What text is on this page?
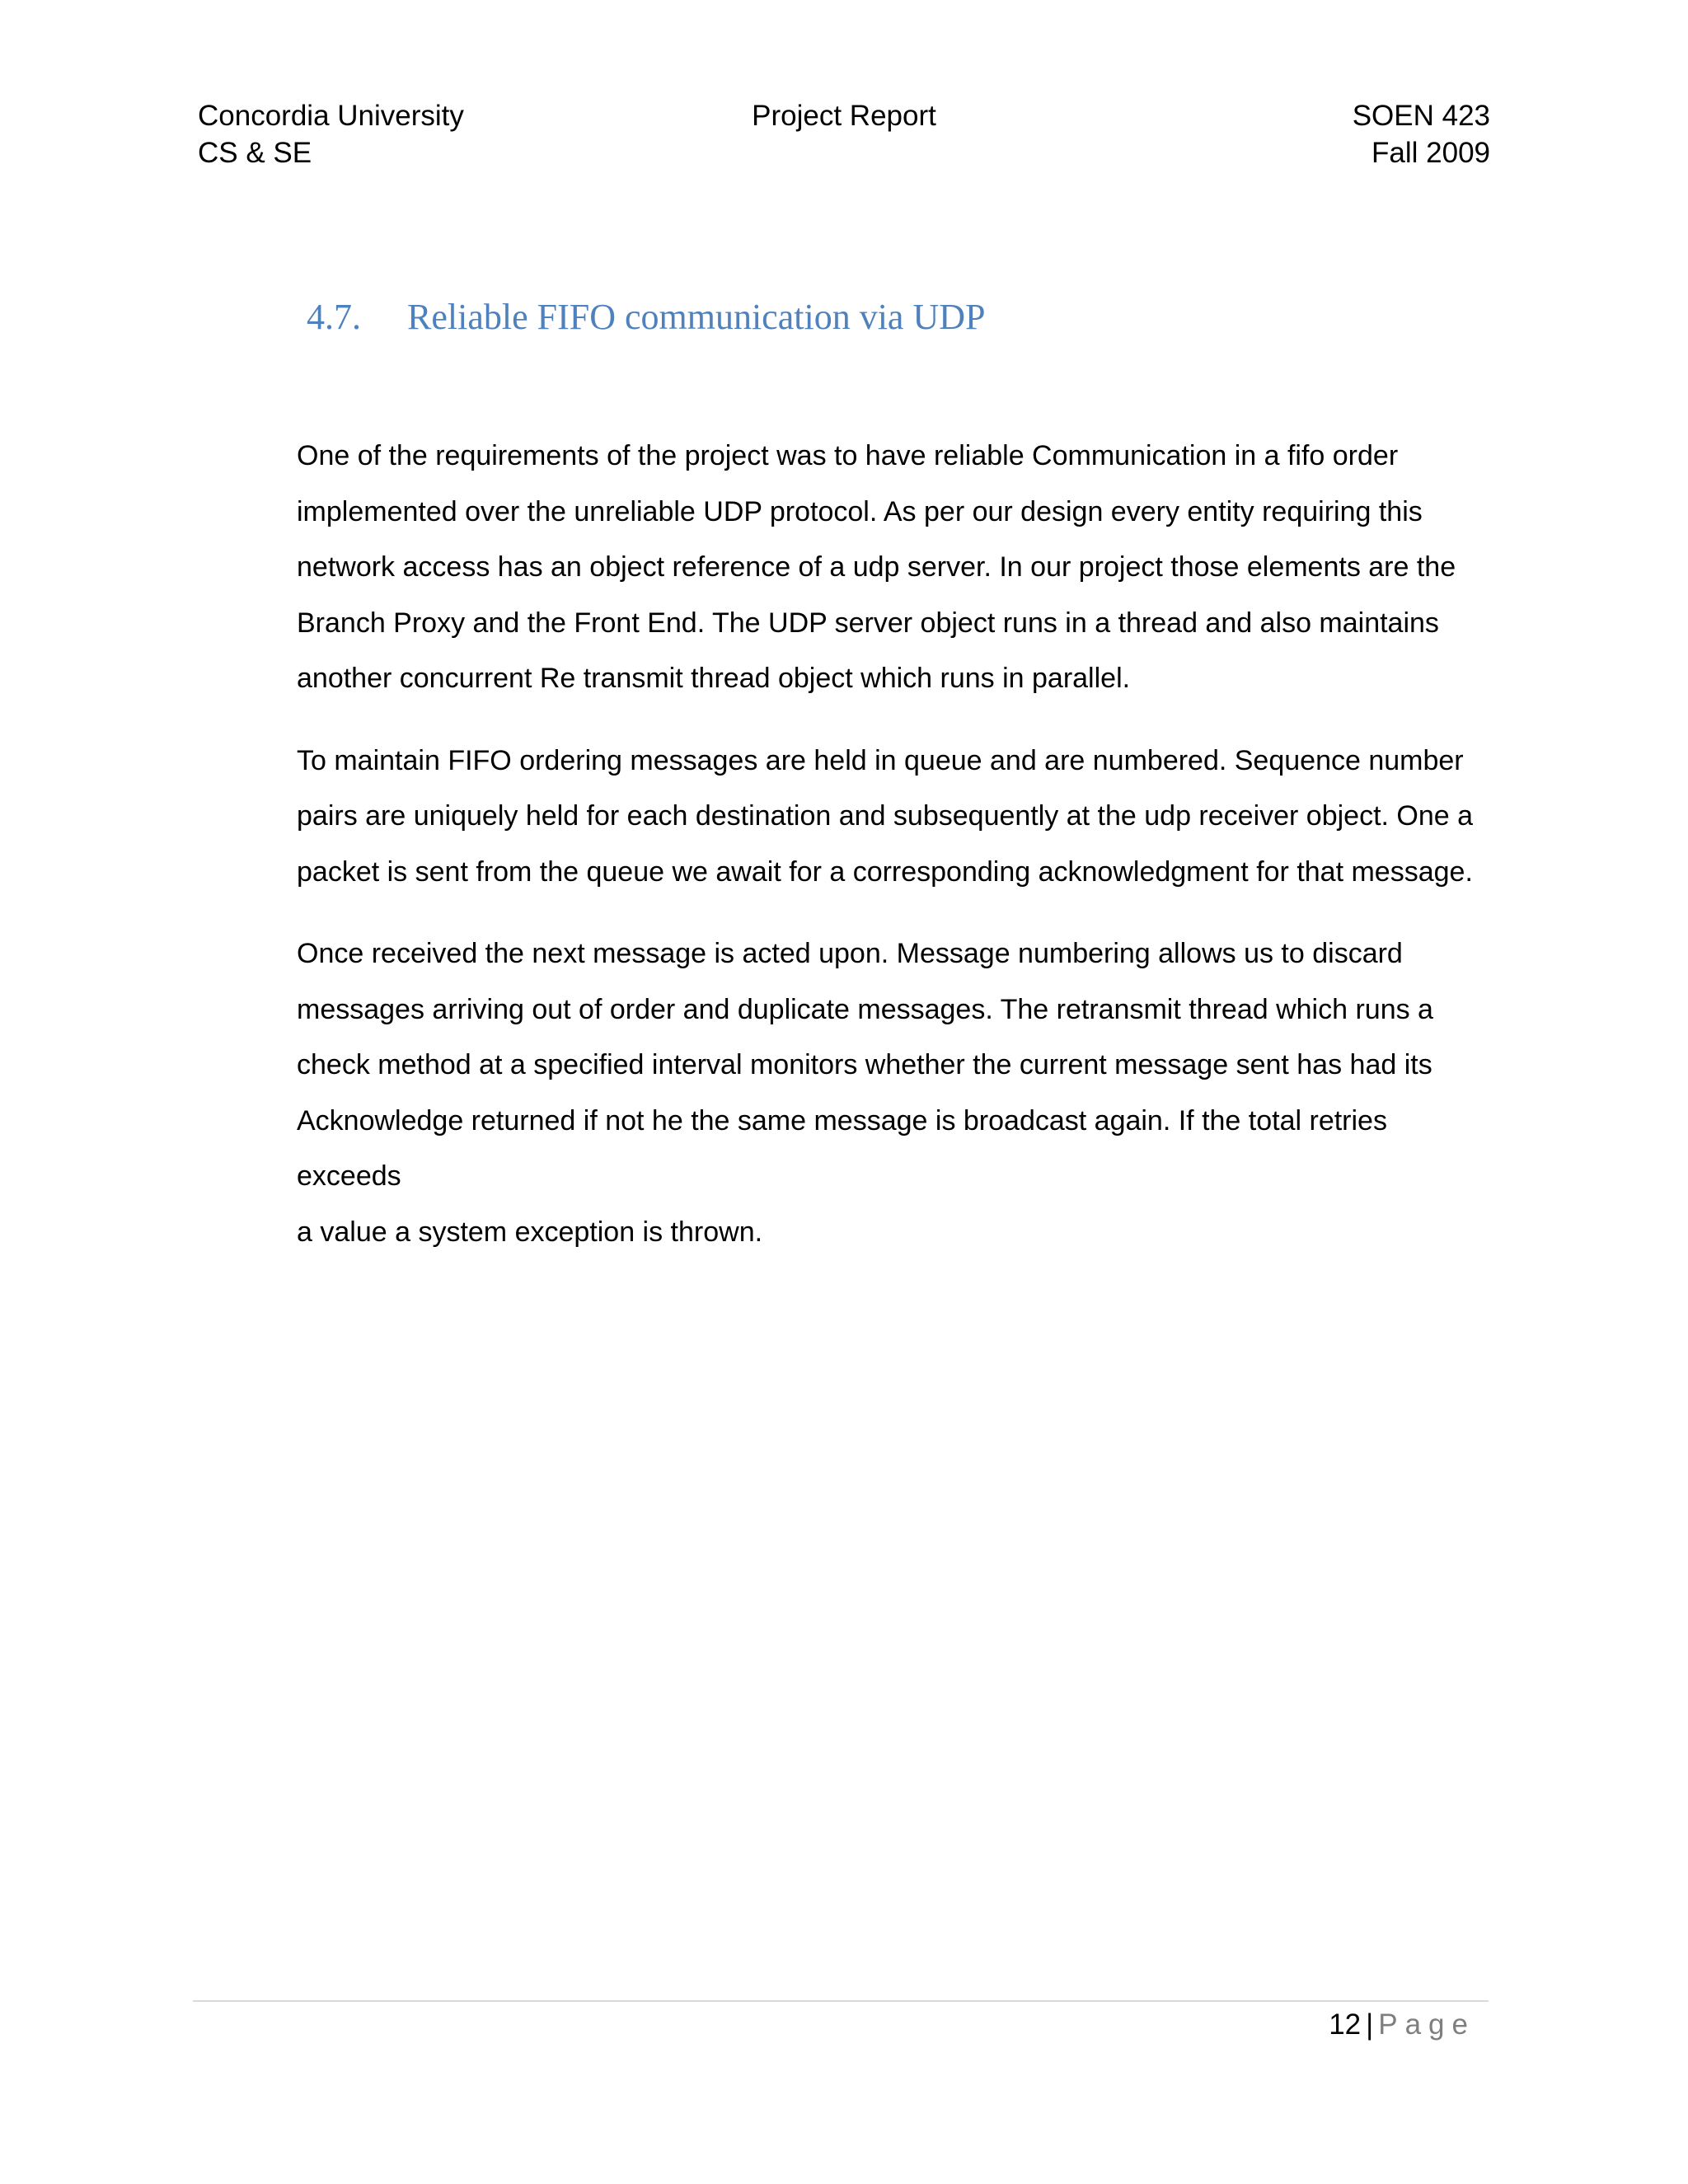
Concordia University
CS & SE
Project Report	SOEN 423
Fall 2009
4.7. Reliable FIFO communication via UDP

One of the requirements of the project was to have reliable Communication in a fifo order
implemented over the unreliable UDP protocol. As per our design every entity requiring this
network access has an object reference of a udp server. In our project those elements are the
Branch Proxy and the Front End. The UDP server object runs in a thread and also maintains
another concurrent Re transmit thread object which runs in parallel.

To maintain FIFO ordering messages are held in queue and are numbered. Sequence number
pairs are uniquely held for each destination and subsequently at the udp receiver object. One a
packet is sent from the queue we await for a corresponding acknowledgment for that message.

Once received the next message is acted upon. Message numbering allows us to discard
messages arriving out of order and duplicate messages. The retransmit thread which runs a
check method at a specified interval monitors whether the current message sent has had its
Acknowledge returned if not he the same message is broadcast again. If the total retries exceeds
a value a system exception is thrown.

12 | Page
